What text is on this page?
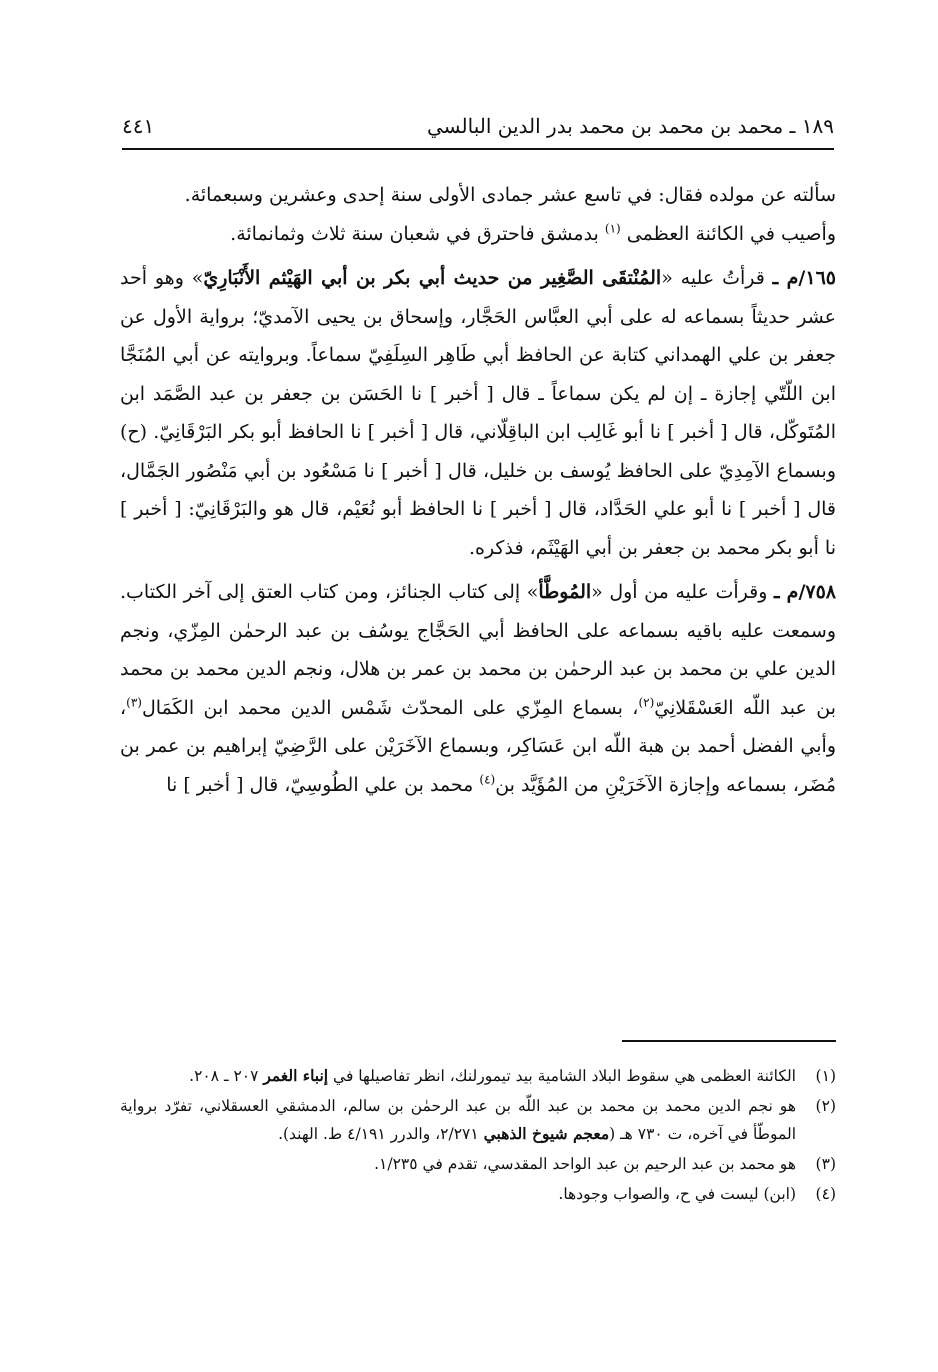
١٨٩ ـ محمد بن محمد بن محمد بدر الدين البالسي
٤٤١

سألته عن مولده فقال: في تاسع عشر جمادى الأولى سنة إحدى وعشرين وسبعمائة.

وأصيب في الكائنة العظمى $^{(١)}$ بدمشق فاحترق في شعبان سنة ثلاث وثمانمائة.

١٦٥/م ـ قرأتُ عليه «المُنْتقَى الصَّغِير من حديث أبي بكر بن أبي الهَيْثم الأَنْبَارِيّ» وهو أحد عشر حديثاً بسماعه له على أبي العبَّاس الحَجَّار، وإسحاق بن يحيى الآمديّ؛ برواية الأول عن جعفر بن علي الهمداني كتابة عن الحافظ أبي طَاهِر السِلَفِيّ سماعاً. وبروايته عن أبي المُنَجَّا ابن اللّتّي إجازة ـ إن لم يكن سماعاً ـ قال [ أخبر ] نا الحَسَن بن جعفر بن عبد الصَّمَد ابن المُتَوكّل، قال [ أخبر ] نا أبو غَالِب ابن الباقِلّاني، قال [ أخبر ] نا الحافظ أبو بكر البَرْقَانِيّ. (ح) وبسماع الآمِدِيّ على الحافظ يُوسف بن خليل، قال [ أخبر ] نا مَسْعُود بن أبي مَنْصُور الجَمَّال، قال [ أخبر ] نا أبو علي الحَدَّاد، قال [ أخبر ] نا الحافظ أبو نُعَيْم، قال هو والبَرْقَانِيّ: [ أخبر ] نا أبو بكر محمد بن جعفر بن أبي الهَيْثَم، فذكره.

٧٥٨/م ـ وقرأت عليه من أول «المُوطَّأ» إلى كتاب الجنائز، ومن كتاب العتق إلى آخر الكتاب. وسمعت عليه باقيه بسماعه على الحافظ أبي الحَجَّاج يوسُف بن عبد الرحمٰن المِزّي، ونجم الدين علي بن محمد بن عبد الرحمٰن بن محمد بن عمر بن هلال، ونجم الدين محمد بن محمد بن عبد اللّه العَسْقَلانِيّ$^{(٢)}$، بسماع المِزّي على المحدّث شَمْس الدين محمد ابن الكَمَال$^{(٣)}$، وأبي الفضل أحمد بن هبة اللّه ابن عَسَاكِر، وبسماع الآخَرَيْن على الرَّضِيّ إبراهيم بن عمر بن مُضَر، بسماعه وإجازة الآخَرَيْنِ من المُؤَيَّد بن$^{(٤)}$ محمد بن علي الطُوسِيّ، قال [ أخبر ] نا

(١)
الكائنة العظمى هي سقوط البلاد الشامية بيد تيمورلنك، انظر تفاصيلها في إنباء الغمر ٢٠٧ ـ ٢٠٨.
(٢)
هو نجم الدين محمد بن محمد بن عبد اللّه بن عبد الرحمٰن بن سالم، الدمشقي العسقلاني، تفرّد برواية الموطّأ في آخره، ت ٧٣٠ هـ (معجم شيوخ الذهبي ٢/٢٧١، والدرر ٤/١٩١ ط. الهند).
(٣)
هو محمد بن عبد الرحيم بن عبد الواحد المقدسي، تقدم في ١/٢٣٥.
(٤)
(ابن) ليست في ح، والصواب وجودها.
